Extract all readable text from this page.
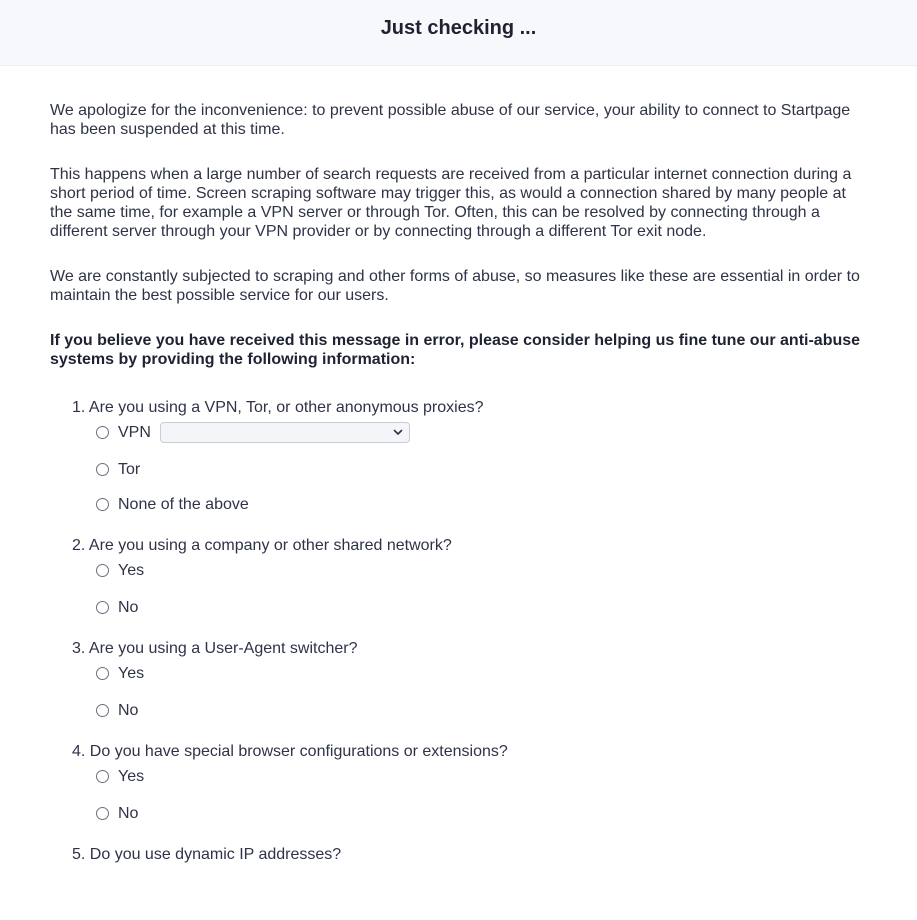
Just checking ...

We apologize for the inconvenience: to prevent possible abuse of our service, your ability to connect to Startpage has been suspended at this time.

This happens when a large number of search requests are received from a particular internet connection during a short period of time. Screen scraping software may trigger this, as would a connection shared by many people at the same time, for example a VPN server or through Tor. Often, this can be resolved by connecting through a different server through your VPN provider or by connecting through a different Tor exit node.

We are constantly subjected to scraping and other forms of abuse, so measures like these are essential in order to maintain the best possible service for our users.

If you believe you have received this message in error, please consider helping us fine tune our anti-abuse systems by providing the following information:

1. Are you using a VPN, Tor, or other anonymous proxies?
VPN
Tor
None of the above
2. Are you using a company or other shared network?
Yes
No
3. Are you using a User-Agent switcher?
Yes
No
4. Do you have special browser configurations or extensions?
Yes
No
5. Do you use dynamic IP addresses?
